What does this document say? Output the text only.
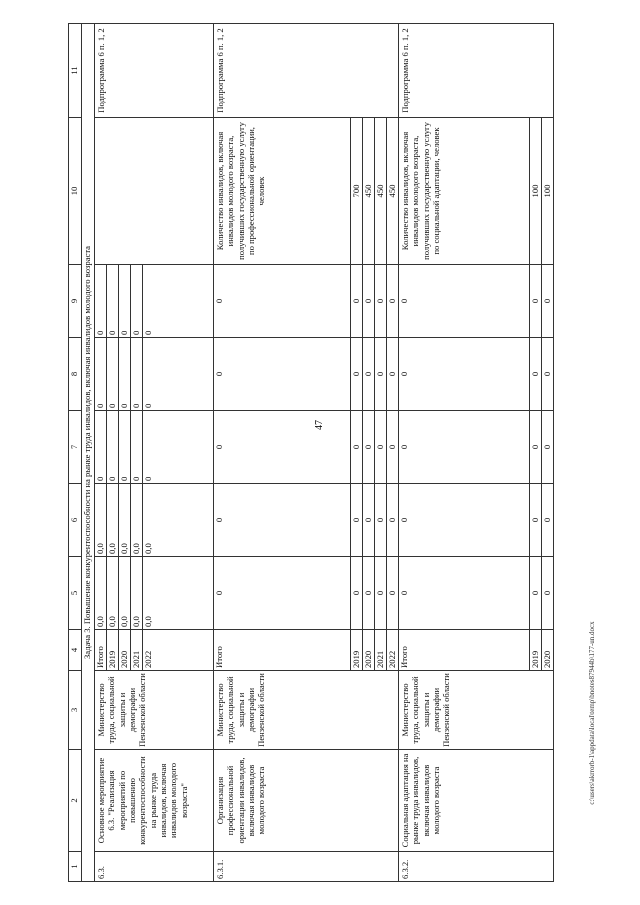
47
c:\users\akrrorb-1\appdata\local\temp\bnotes87944b\177-un.docx
1	2	3	4	5	6	7	8	9	10	11
Задача 3. Повышение конкурентоспособности на рынке труда инвалидов, включая инвалидов молодого возраста										
6.3.	Основное мероприятие 6.3. "Реализация мероприятий по повышению конкурентоспособности на рынке труда инвалидов, включая инвалидов молодого возраста"	Министерство труда, социальной защиты и демографии Пензенской области	Итого	0,0	0,0	0	0	0		Подпрограмма 6 п. 1, 2
			2019	0,0	0,0	0	0	0		
			2020	0,0	0,0	0	0	0		
			2021	0,0	0,0	0	0	0		
			2022	0,0	0,0	0	0	0		
6.3.1.	Организация профессиональной ориентации инвалидов, включая инвалидов молодого возраста	Министерство труда, социальной защиты и демографии Пензенской области	Итого	0	0	0	0	0	Количество инвалидов, включая инвалидов молодого возраста, получивших государственную услугу по профессиональной ориентации, человек	Подпрограмма 6 п. 1, 2
			2019	0	0	0	0	0	700	
			2020	0	0	0	0	0	450	
			2021	0	0	0	0	0	450	
			2022	0	0	0	0	0	450	
6.3.2.	Социальная адаптация на рынке труда инвалидов, включая инвалидов молодого возраста	Министерство труда, социальной защиты и демографии Пензенской области	Итого	0	0	0	0	0	Количество инвалидов, включая инвалидов молодого возраста, получивших государственную услугу по социальной адаптации, человек	Подпрограмма 6 п. 1, 2
			2019	0	0	0	0	0	100	
			2020	0	0	0	0	0	100	
